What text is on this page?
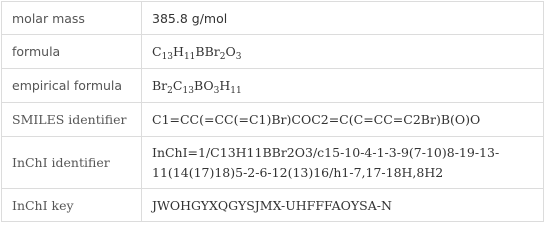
molar mass	385.8 g/mol
formula	$C_{13}H_{11}BBr_2O_3$
empirical formula	$Br_2C_{13}BO_3H_{11}$
SMILES identifier	C1=CC(=CC(=C1)Br)COC2=C(C=CC=C2Br)B(O)O
InChI identifier	InChI=1/C13H11BBr2O3/c15-10-4-1-3-9(7-10)8-19-13-11(14(17)18)5-2-6-12(13)16/h1-7,17-18H,8H2
InChI key	JWOHGYXQGYSJMX-UHFFFAOYSA-N
